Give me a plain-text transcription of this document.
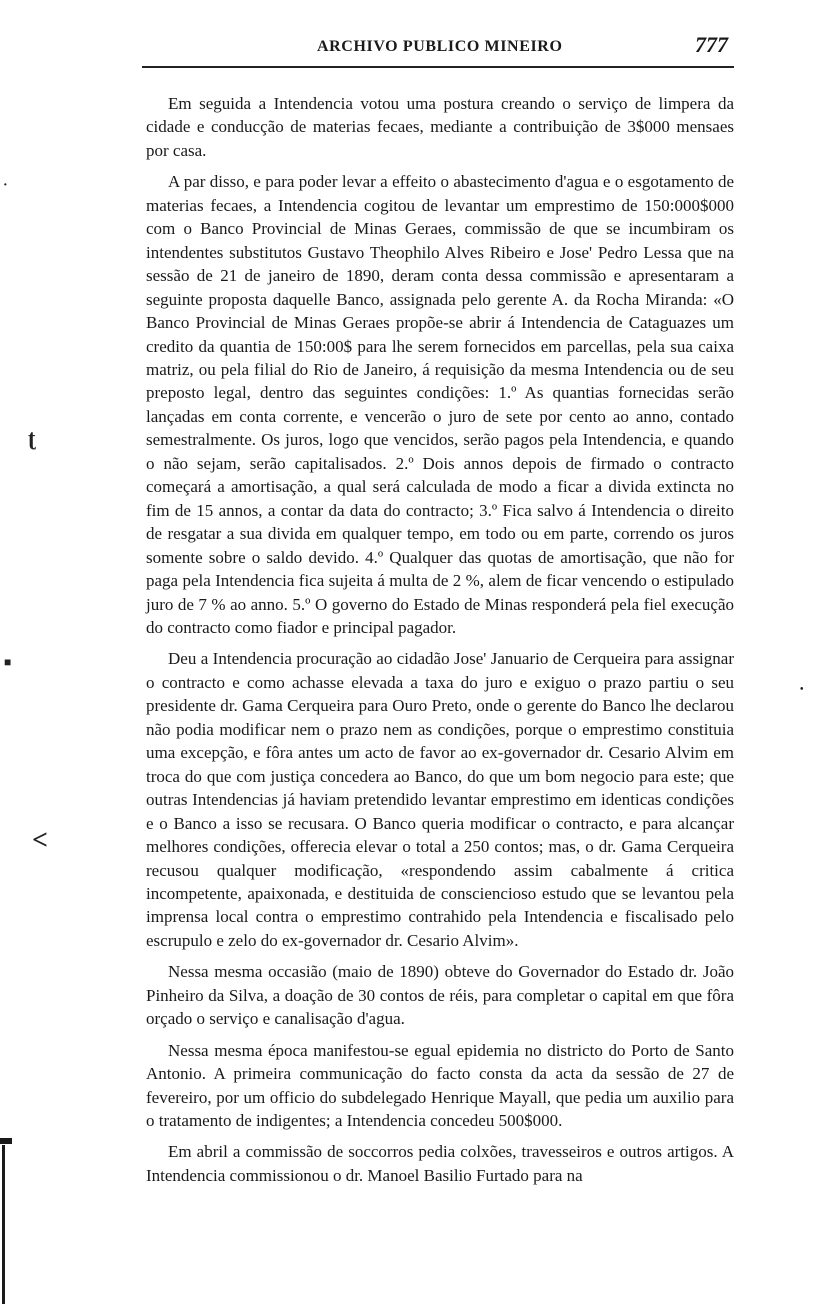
ARCHIVO PUBLICO MINEIRO	777

Em seguida a Intendencia votou uma postura creando o serviço de limpera da cidade e conducção de materias fecaes, mediante a contribuição de 3$000 mensaes por casa.

A par disso, e para poder levar a effeito o abastecimento d'agua e o esgotamento de materias fecaes, a Intendencia cogitou de levantar um emprestimo de 150:000$000 com o Banco Provincial de Minas Geraes, commissão de que se incumbiram os intendentes substitutos Gustavo Theophilo Alves Ribeiro e Jose' Pedro Lessa que na sessão de 21 de janeiro de 1890, deram conta dessa commissão e apresentaram a seguinte proposta daquelle Banco, assignada pelo gerente A. da Rocha Miranda: «O Banco Provincial de Minas Geraes propõe-se abrir á Intendencia de Cataguazes um credito da quantia de 150:00$ para lhe serem fornecidos em parcellas, pela sua caixa matriz, ou pela filial do Rio de Janeiro, á requisição da mesma Intendencia ou de seu preposto legal, dentro das seguintes condições: 1.º As quantias fornecidas serão lançadas em conta corrente, e vencerão o juro de sete por cento ao anno, contado semestralmente. Os juros, logo que vencidos, serão pagos pela Intendencia, e quando o não sejam, serão capitalisados. 2.º Dois annos depois de firmado o contracto começará a amortisação, a qual será calculada de modo a ficar a divida extincta no fim de 15 annos, a contar da data do contracto; 3.º Fica salvo á Intendencia o direito de resgatar a sua divida em qualquer tempo, em todo ou em parte, correndo os juros somente sobre o saldo devido. 4.º Qualquer das quotas de amortisação, que não for paga pela Intendencia fica sujeita á multa de 2 %, alem de ficar vencendo o estipulado juro de 7 % ao anno. 5.º O governo do Estado de Minas responderá pela fiel execução do contracto como fiador e principal pagador.

Deu a Intendencia procuração ao cidadão Jose' Januario de Cerqueira para assignar o contracto e como achasse elevada a taxa do juro e exiguo o prazo partiu o seu presidente dr. Gama Cerqueira para Ouro Preto, onde o gerente do Banco lhe declarou não podia modificar nem o prazo nem as condições, porque o emprestimo constituia uma excepção, e fôra antes um acto de favor ao ex-governador dr. Cesario Alvim em troca do que com justiça concedera ao Banco, do que um bom negocio para este; que outras Intendencias já haviam pretendido levantar emprestimo em identicas condições e o Banco a isso se recusara. O Banco queria modificar o contracto, e para alcançar melhores condições, offerecia elevar o total a 250 contos; mas, o dr. Gama Cerqueira recusou qualquer modificação, «respondendo assim cabalmente á critica incompetente, apaixonada, e destituida de consciencioso estudo que se levantou pela imprensa local contra o emprestimo contrahido pela Intendencia e fiscalisado pelo escrupulo e zelo do ex-governador dr. Cesario Alvim».

Nessa mesma occasião (maio de 1890) obteve do Governador do Estado dr. João Pinheiro da Silva, a doação de 30 contos de réis, para completar o capital em que fôra orçado o serviço e canalisação d'agua.

Nessa mesma época manifestou-se egual epidemia no districto do Porto de Santo Antonio. A primeira communicação do facto consta da acta da sessão de 27 de fevereiro, por um officio do subdelegado Henrique Mayall, que pedia um auxilio para o tratamento de indigentes; a Intendencia concedeu 500$000.

Em abril a commissão de soccorros pedia colxões, travesseiros e outros artigos. A Intendencia commissionou o dr. Manoel Basilio Furtado para na

·
ʈ
■
˂
•
